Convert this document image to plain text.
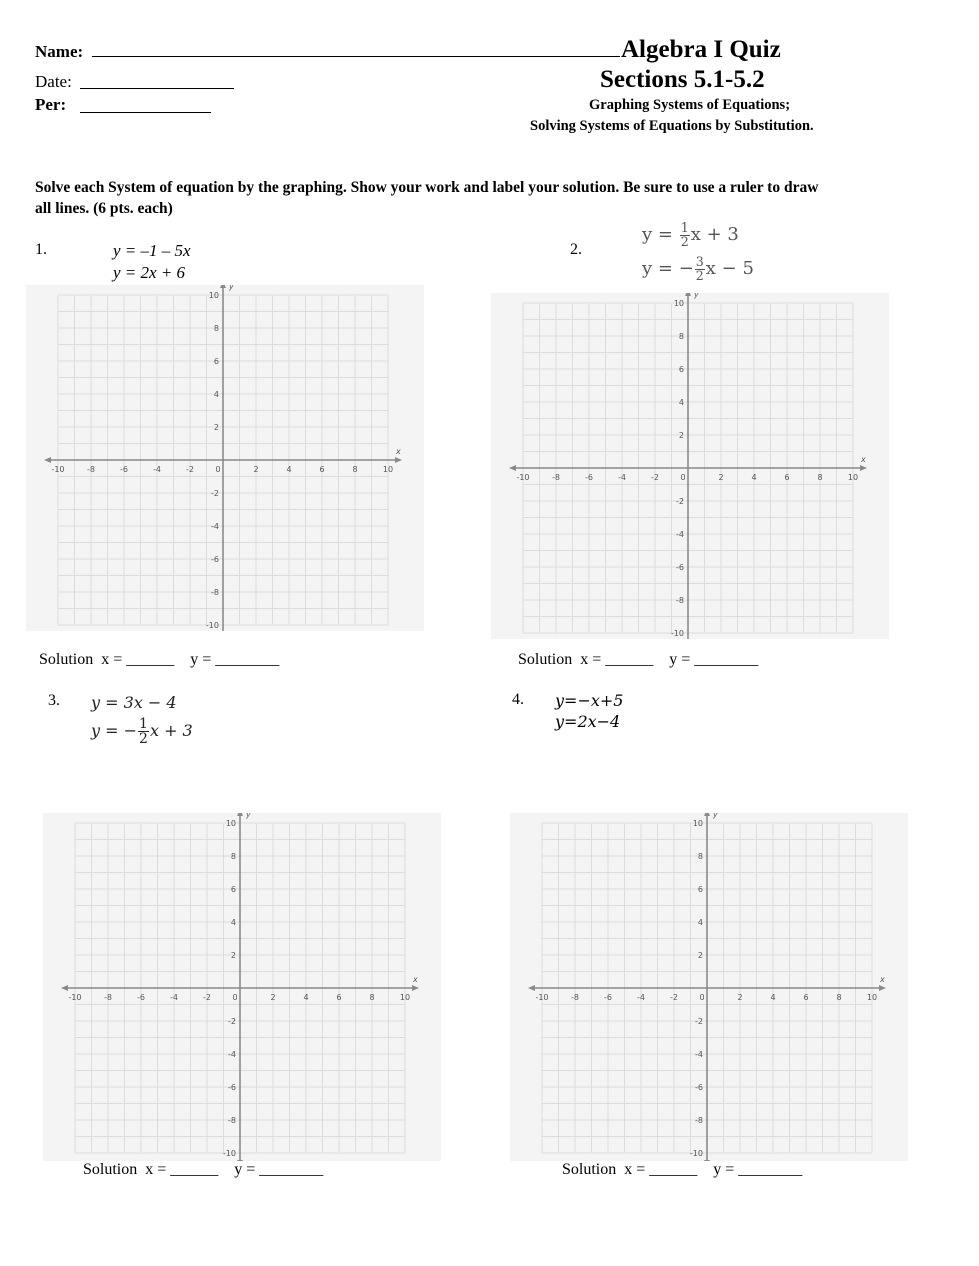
Name:	Algebra I Quiz
Date:	Sections 5.1-5.2
Per:	Graphing Systems of Equations;
Solving Systems of Equations by Substitution.
Solve each System of equation by the graphing. Show your work and label your solution. Be sure to use a ruler to draw all lines. (6 pts. each)
1.	y = –1 – 5x
y = 2x + 6
2.
$y = \frac{1}{2}$ x + 3
y = − $\frac{3}{2}$ x − 5
-10	-8	-6	-4	-2	0	2	4	6	8	10
10
8
6
4
2
-2
-4
-6
-8
-10
x
y
-10	-8	-6	-4	-2	0	2	4	6	8	10
10
8
6
4
2
-2
-4
-6
-8
-10
x
y
Solution x = ______ y = ________	Solution x = ______ y = ________
3. y = 3x − 4
y = − $\frac{1}{2}$ x + 3
4. y=−x+5
y=2x−4
-10	-8	-6	-4	-2	0	2	4	6	8	10
10
8
6
4
2
-2
-4
-6
-8
-10
x
y
-10	-8	-6	-4	-2	0	2	4	6	8	10
10
8
6
4
2
-2
-4
-6
-8
-10
x
y
Solution x = ______ y = ________	Solution x = ______ y = ________
